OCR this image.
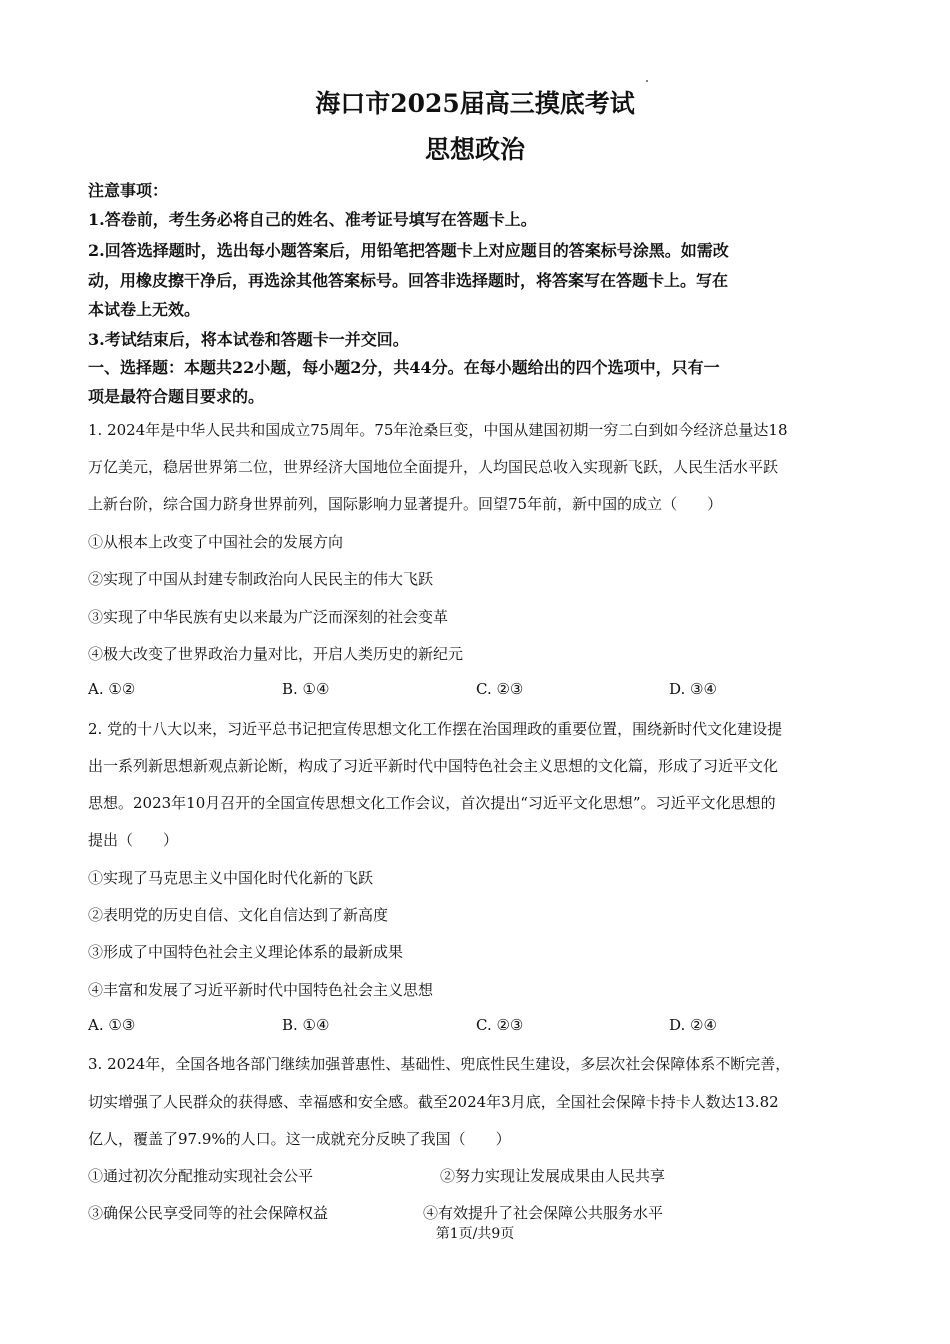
海口市2025届高三摸底考试
思想政治
注意事项：
1.答卷前，考生务必将自己的姓名、准考证号填写在答题卡上。
2.回答选择题时，选出每小题答案后，用铅笔把答题卡上对应题目的答案标号涂黑。如需改
动，用橡皮擦干净后，再选涂其他答案标号。回答非选择题时，将答案写在答题卡上。写在
本试卷上无效。
3.考试结束后，将本试卷和答题卡一并交回。
一、选择题：本题共22小题，每小题2分，共44分。在每小题给出的四个选项中，只有一
项是最符合题目要求的。
1. 2024年是中华人民共和国成立75周年。75年沧桑巨变，中国从建国初期一穷二白到如今经济总量达18
万亿美元，稳居世界第二位，世界经济大国地位全面提升，人均国民总收入实现新飞跃，人民生活水平跃
上新台阶，综合国力跻身世界前列，国际影响力显著提升。回望75年前，新中国的成立（　　）
①从根本上改变了中国社会的发展方向
②实现了中国从封建专制政治向人民民主的伟大飞跃
③实现了中华民族有史以来最为广泛而深刻的社会变革
④极大改变了世界政治力量对比，开启人类历史的新纪元
A. ①②	B. ①④	C. ②③	D. ③④
2. 党的十八大以来，习近平总书记把宣传思想文化工作摆在治国理政的重要位置，围绕新时代文化建设提
出一系列新思想新观点新论断，构成了习近平新时代中国特色社会主义思想的文化篇，形成了习近平文化
思想。2023年10月召开的全国宣传思想文化工作会议，首次提出“习近平文化思想”。习近平文化思想的
提出（　　）
①实现了马克思主义中国化时代化新的飞跃
②表明党的历史自信、文化自信达到了新高度
③形成了中国特色社会主义理论体系的最新成果
④丰富和发展了习近平新时代中国特色社会主义思想
A. ①③	B. ①④	C. ②③	D. ②④
3. 2024年，全国各地各部门继续加强普惠性、基础性、兜底性民生建设，多层次社会保障体系不断完善，
切实增强了人民群众的获得感、幸福感和安全感。截至2024年3月底，全国社会保障卡持卡人数达13.82
亿人，覆盖了97.9%的人口。这一成就充分反映了我国（　　）
①通过初次分配推动实现社会公平	②努力实现让发展成果由人民共享
③确保公民享受同等的社会保障权益	④有效提升了社会保障公共服务水平
第1页/共9页
